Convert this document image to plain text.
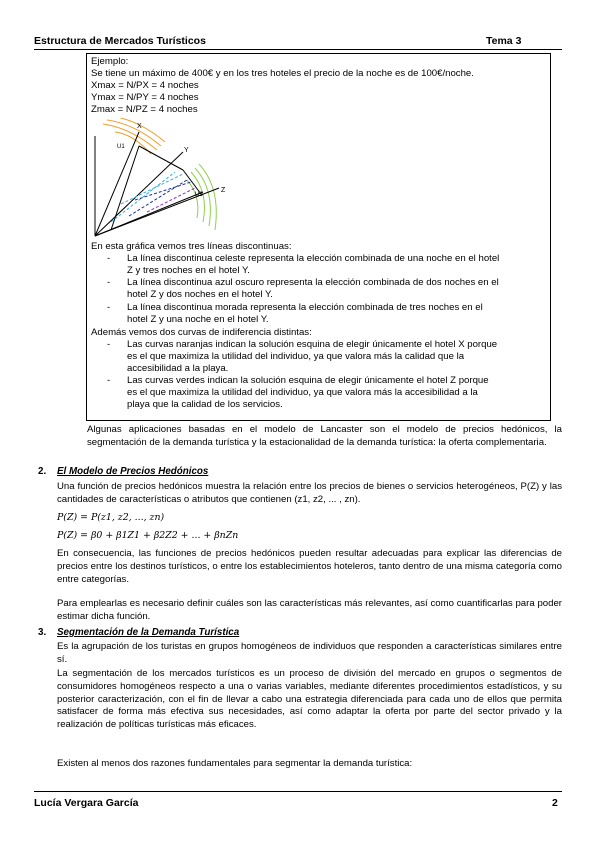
Estructura de Mercados Turísticos	Tema 3
Ejemplo:
Se tiene un máximo de 400€ y en los tres hoteles el precio de la noche es de 100€/noche.
Xmax = N/PX = 4 noches
Ymax = N/PY = 4 noches
Zmax = N/PZ = 4 noches
X
Y
Z
U1
U2
En esta gráfica vemos tres líneas discontinuas:
- La línea discontinua celeste representa la elección combinada de una noche en el hotel
Z y tres noches en el hotel Y.
- La línea discontinua azul oscuro representa la elección combinada de dos noches en el
hotel Z y dos noches en el hotel Y.
- La línea discontinua morada representa la elección combinada de tres noches en el
hotel Z y una noche en el hotel Y.
Además vemos dos curvas de indiferencia distintas:
- Las curvas naranjas indican la solución esquina de elegir únicamente el hotel X porque
es el que maximiza la utilidad del individuo, ya que valora más la calidad que la
accesibilidad a la playa.
- Las curvas verdes indican la solución esquina de elegir únicamente el hotel Z porque
es el que maximiza la utilidad del individuo, ya que valora más la accesibilidad a la
playa que la calidad de los servicios.
Algunas aplicaciones basadas en el modelo de Lancaster son el modelo de precios hedónicos, la segmentación de la demanda turística y la estacionalidad de la demanda turística: la oferta complementaria.
2. El Modelo de Precios Hedónicos
Una función de precios hedónicos muestra la relación entre los precios de bienes o servicios heterogéneos, P(Z) y las cantidades de características o atributos que contienen (z1, z2, ... , zn).
P(Z) = P(z1, z2, ..., zn)
P(Z) = β0 + β1Z1 + β2Z2 + ... + βnZn
En consecuencia, las funciones de precios hedónicos pueden resultar adecuadas para explicar las diferencias de precios entre los destinos turísticos, o entre los establecimientos hoteleros, tanto dentro de una misma categoría como entre categorías.
Para emplearlas es necesario definir cuáles son las características más relevantes, así como cuantificarlas para poder estimar dicha función.
3. Segmentación de la Demanda Turística
Es la agrupación de los turistas en grupos homogéneos de individuos que responden a características similares entre sí.
La segmentación de los mercados turísticos es un proceso de división del mercado en grupos o segmentos de consumidores homogéneos respecto a una o varias variables, mediante diferentes procedimientos estadísticos, y su posterior caracterización, con el fin de llevar a cabo una estrategia diferenciada para cada uno de ellos que permita satisfacer de forma más efectiva sus necesidades, así como adaptar la oferta por parte del sector privado y la realización de políticas turísticas más eficaces.
Existen al menos dos razones fundamentales para segmentar la demanda turística:
Lucía Vergara García	2
